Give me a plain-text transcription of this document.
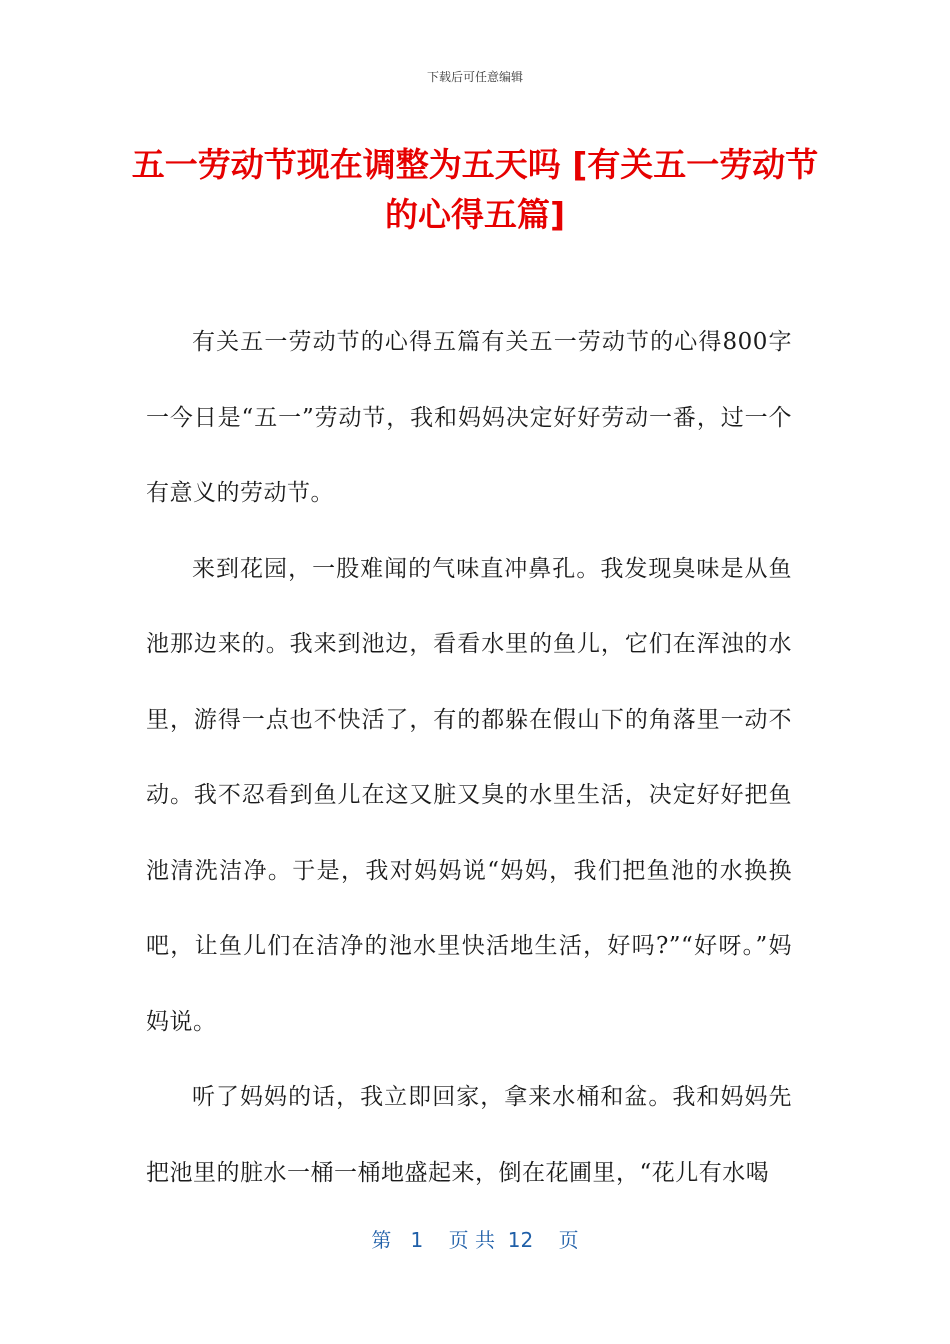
下载后可任意编辑
五一劳动节现在调整为五天吗 [有关五一劳动节的心得五篇]

有关五一劳动节的心得五篇有关五一劳动节的心得800字一今日是“五一”劳动节，我和妈妈决定好好劳动一番，过一个有意义的劳动节。

来到花园，一股难闻的气味直冲鼻孔。我发现臭味是从鱼池那边来的。我来到池边，看看水里的鱼儿，它们在浑浊的水里，游得一点也不快活了，有的都躲在假山下的角落里一动不动。我不忍看到鱼儿在这又脏又臭的水里生活，决定好好把鱼池清洗洁净。于是，我对妈妈说“妈妈，我们把鱼池的水换换吧，让鱼儿们在洁净的池水里快活地生活，好吗?”“好呀。”妈妈说。

听了妈妈的话，我立即回家，拿来水桶和盆。我和妈妈先把池里的脏水一桶一桶地盛起来，倒在花圃里，“花儿有水喝

第 1 页 共 12 页
